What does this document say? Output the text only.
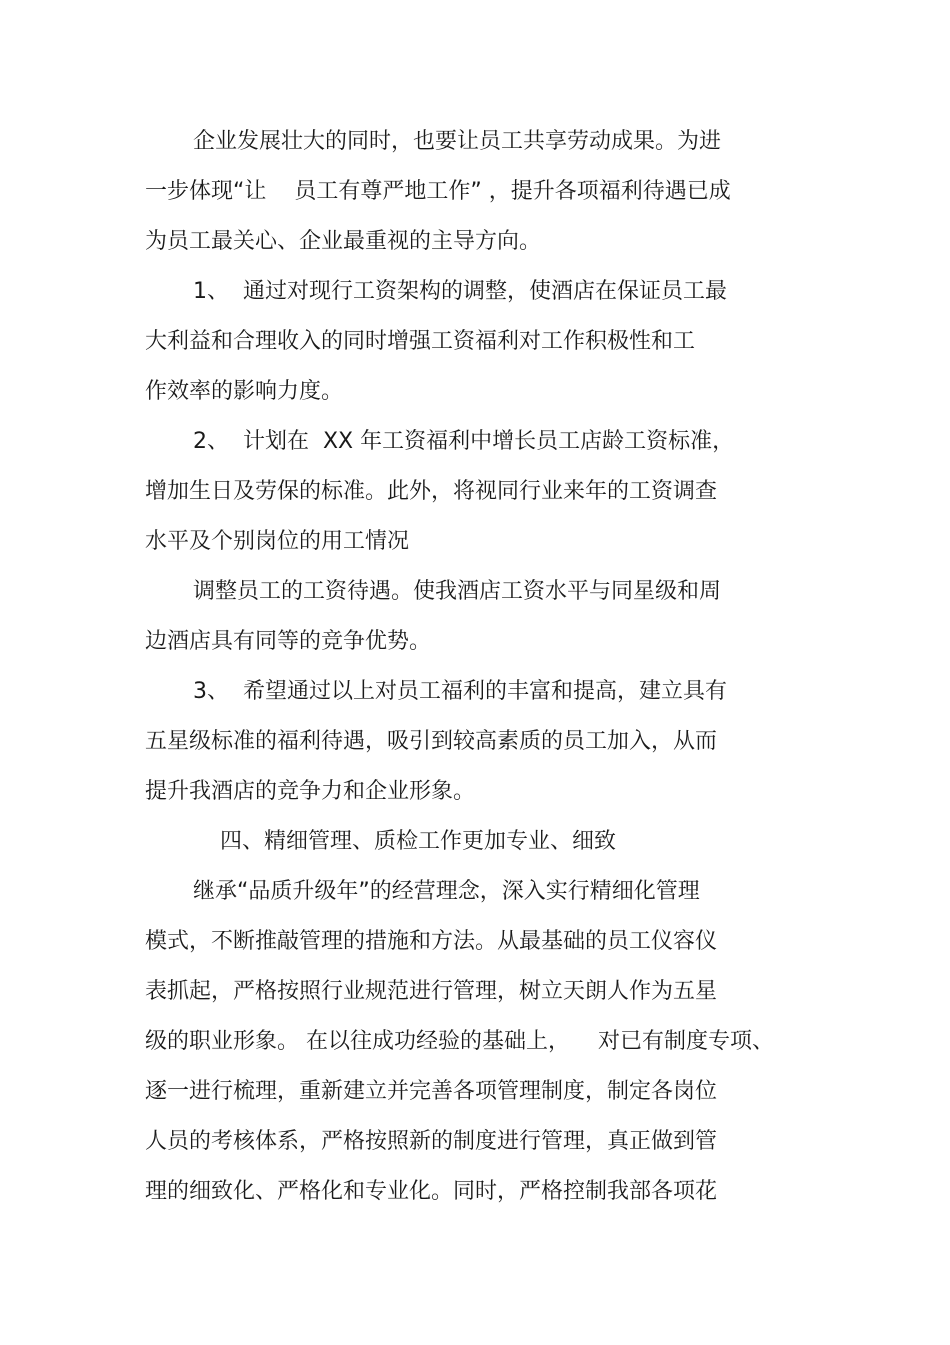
企业发展壮大的同时，也要让员工共享劳动成果。为进
一步体现“让    员工有尊严地工作” ，提升各项福利待遇已成
为员工最关心、企业最重视的主导方向。
1、  通过对现行工资架构的调整，使酒店在保证员工最
大利益和合理收入的同时增强工资福利对工作积极性和工
作效率的影响力度。
2、  计划在  XX 年工资福利中增长员工店龄工资标准，
增加生日及劳保的标准。此外，将视同行业来年的工资调查
水平及个别岗位的用工情况
调整员工的工资待遇。使我酒店工资水平与同星级和周
边酒店具有同等的竞争优势。
3、  希望通过以上对员工福利的丰富和提高，建立具有
五星级标准的福利待遇，吸引到较高素质的员工加入，从而
提升我酒店的竞争力和企业形象。
四、精细管理、质检工作更加专业、细致
继承“品质升级年”的经营理念，深入实行精细化管理
模式，不断推敲管理的措施和方法。从最基础的员工仪容仪
表抓起，严格按照行业规范进行管理，树立天朗人作为五星
级的职业形象。 在以往成功经验的基础上，    对已有制度专项、
逐一进行梳理，重新建立并完善各项管理制度，制定各岗位
人员的考核体系，严格按照新的制度进行管理，真正做到管
理的细致化、严格化和专业化。同时，严格控制我部各项花
